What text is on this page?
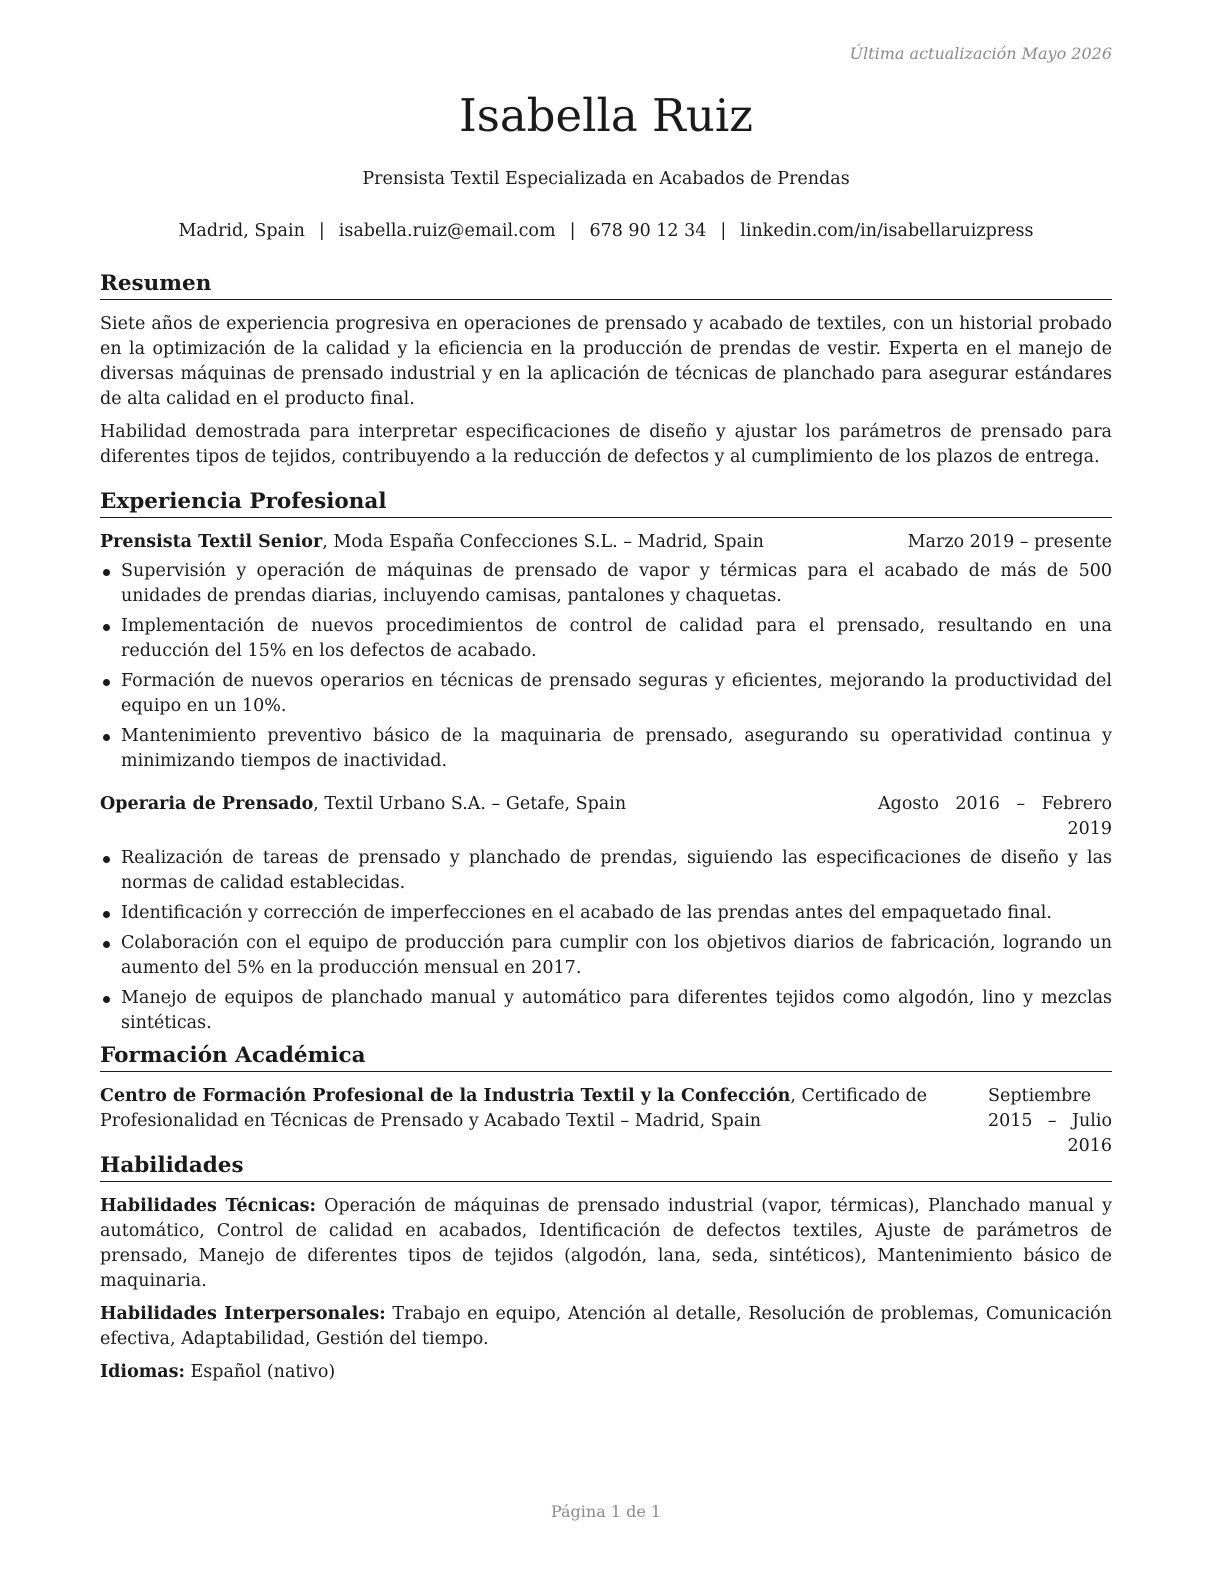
Última actualización Mayo 2026
Isabella Ruiz
Prensista Textil Especializada en Acabados de Prendas
Madrid, Spain | isabella.ruiz@email.com | 678 90 12 34 | linkedin.com/in/isabellaruizpress
Resumen

Siete años de experiencia progresiva en operaciones de prensado y acabado de textiles, con un historial probado en la optimización de la calidad y la eficiencia en la producción de prendas de vestir. Experta en el manejo de diversas máquinas de prensado industrial y en la aplicación de técnicas de planchado para asegurar estándares de alta calidad en el producto final.

Habilidad demostrada para interpretar especificaciones de diseño y ajustar los parámetros de prensado para diferentes tipos de tejidos, contribuyendo a la reducción de defectos y al cumplimiento de los plazos de entrega.

Experiencia Profesional
Prensista Textil Senior, Moda España Confecciones S.L. – Madrid, Spain	Marzo 2019 – presente
Supervisión y operación de máquinas de prensado de vapor y térmicas para el acabado de más de 500 unidades de prendas diarias, incluyendo camisas, pantalones y chaquetas.
Implementación de nuevos procedimientos de control de calidad para el prensado, resultando en una reducción del 15% en los defectos de acabado.
Formación de nuevos operarios en técnicas de prensado seguras y eficientes, mejorando la productividad del equipo en un 10%.
Mantenimiento preventivo básico de la maquinaria de prensado, asegurando su operatividad continua y minimizando tiempos de inactividad.
Operaria de Prensado, Textil Urbano S.A. – Getafe, Spain	Agosto 2016 – Febrero 2019
Realización de tareas de prensado y planchado de prendas, siguiendo las especificaciones de diseño y las normas de calidad establecidas.
Identificación y corrección de imperfecciones en el acabado de las prendas antes del empaquetado final.
Colaboración con el equipo de producción para cumplir con los objetivos diarios de fabricación, logrando un aumento del 5% en la producción mensual en 2017.
Manejo de equipos de planchado manual y automático para diferentes tejidos como algodón, lino y mezclas sintéticas.
Formación Académica
Centro de Formación Profesional de la Industria Textil y la Confección, Certificado de Profesionalidad en Técnicas de Prensado y Acabado Textil – Madrid, Spain
Septiembre 2015 – Julio 2016
Habilidades

Habilidades Técnicas: Operación de máquinas de prensado industrial (vapor, térmicas), Planchado manual y automático, Control de calidad en acabados, Identificación de defectos textiles, Ajuste de parámetros de prensado, Manejo de diferentes tipos de tejidos (algodón, lana, seda, sintéticos), Mantenimiento básico de maquinaria.

Habilidades Interpersonales: Trabajo en equipo, Atención al detalle, Resolución de problemas, Comunicación efectiva, Adaptabilidad, Gestión del tiempo.

Idiomas: Español (nativo)

Página 1 de 1
